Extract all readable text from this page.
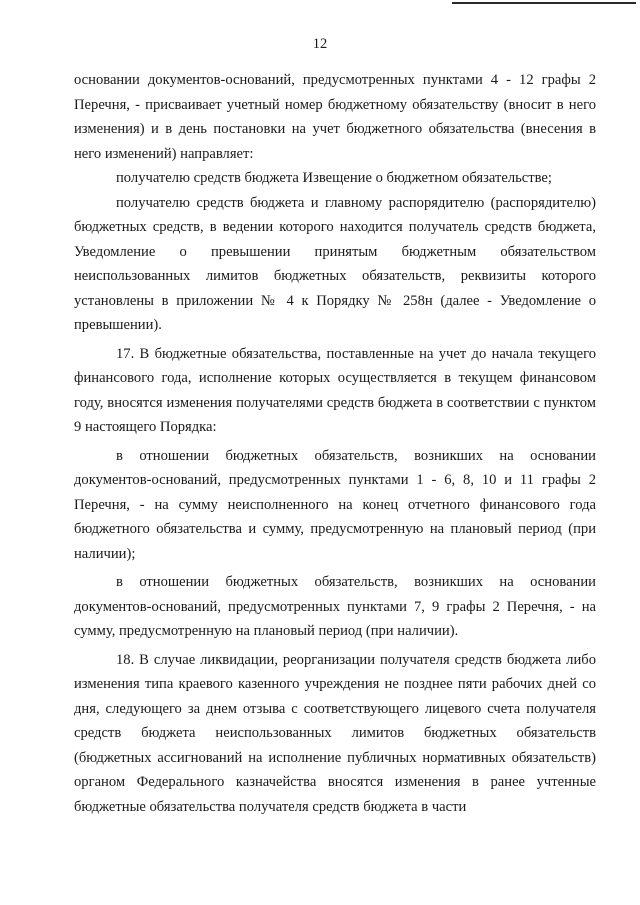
12

основании документов-оснований, предусмотренных пунктами 4 - 12 графы 2 Перечня, - присваивает учетный номер бюджетному обязательству (вносит в него изменения) и в день постановки на учет бюджетного обязательства (внесения в него изменений) направляет:

получателю средств бюджета Извещение о бюджетном обязательстве;

получателю средств бюджета и главному распорядителю (распорядителю) бюджетных средств, в ведении которого находится получатель средств бюджета, Уведомление о превышении принятым бюджетным обязательством неиспользованных лимитов бюджетных обязательств, реквизиты которого установлены в приложении № 4 к Порядку № 258н (далее - Уведомление о превышении).

17. В бюджетные обязательства, поставленные на учет до начала текущего финансового года, исполнение которых осуществляется в текущем финансовом году, вносятся изменения получателями средств бюджета в соответствии с пунктом 9 настоящего Порядка:

в отношении бюджетных обязательств, возникших на основании документов-оснований, предусмотренных пунктами 1 - 6, 8, 10 и 11 графы 2 Перечня, - на сумму неисполненного на конец отчетного финансового года бюджетного обязательства и сумму, предусмотренную на плановый период (при наличии);

в отношении бюджетных обязательств, возникших на основании документов-оснований, предусмотренных пунктами 7, 9 графы 2 Перечня, - на сумму, предусмотренную на плановый период (при наличии).

18. В случае ликвидации, реорганизации получателя средств бюджета либо изменения типа краевого казенного учреждения не позднее пяти рабочих дней со дня, следующего за днем отзыва с соответствующего лицевого счета получателя средств бюджета неиспользованных лимитов бюджетных обязательств (бюджетных ассигнований на исполнение публичных нормативных обязательств) органом Федерального казначейства вносятся изменения в ранее учтенные бюджетные обязательства получателя средств бюджета в части
